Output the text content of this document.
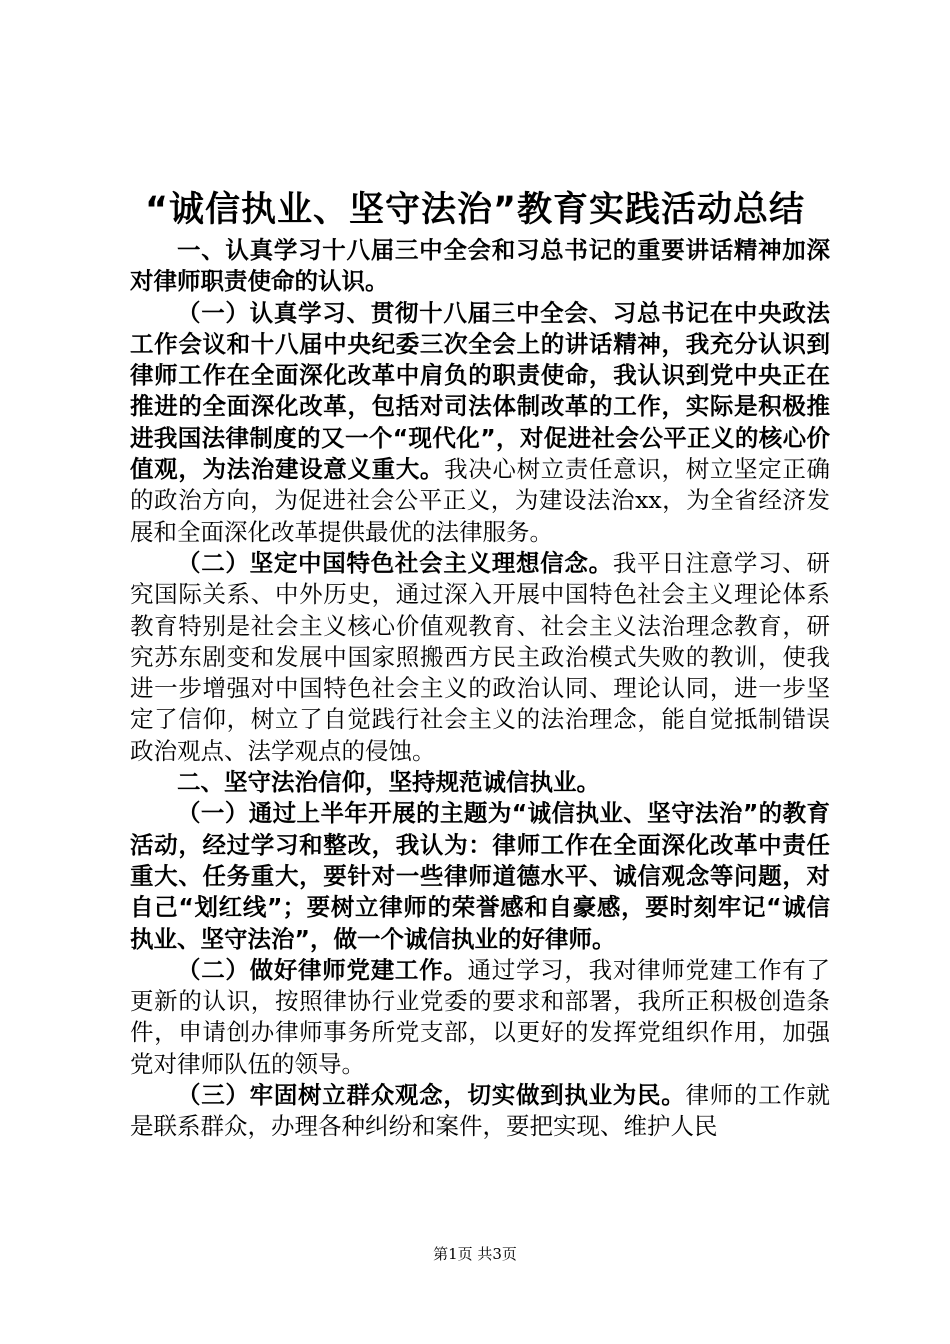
“诚信执业、坚守法治”教育实践活动总结

一、认真学习十八届三中全会和习总书记的重要讲话精神加深对律师职责使命的认识。

（一）认真学习、贯彻十八届三中全会、习总书记在中央政法工作会议和十八届中央纪委三次全会上的讲话精神，我充分认识到律师工作在全面深化改革中肩负的职责使命，我认识到党中央正在推进的全面深化改革，包括对司法体制改革的工作，实际是积极推进我国法律制度的又一个“现代化”，对促进社会公平正义的核心价值观，为法治建设意义重大。我决心树立责任意识，树立坚定正确的政治方向，为促进社会公平正义，为建设法治xx，为全省经济发展和全面深化改革提供最优的法律服务。

（二）坚定中国特色社会主义理想信念。我平日注意学习、研究国际关系、中外历史，通过深入开展中国特色社会主义理论体系教育特别是社会主义核心价值观教育、社会主义法治理念教育，研究苏东剧变和发展中国家照搬西方民主政治模式失败的教训，使我进一步增强对中国特色社会主义的政治认同、理论认同，进一步坚定了信仰，树立了自觉践行社会主义的法治理念，能自觉抵制错误政治观点、法学观点的侵蚀。

二、坚守法治信仰，坚持规范诚信执业。

（一）通过上半年开展的主题为“诚信执业、坚守法治”的教育活动，经过学习和整改，我认为：律师工作在全面深化改革中责任重大、任务重大，要针对一些律师道德水平、诚信观念等问题，对自己“划红线”；要树立律师的荣誉感和自豪感，要时刻牢记“诚信执业、坚守法治”，做一个诚信执业的好律师。

（二）做好律师党建工作。通过学习，我对律师党建工作有了更新的认识，按照律协行业党委的要求和部署，我所正积极创造条件，申请创办律师事务所党支部，以更好的发挥党组织作用，加强党对律师队伍的领导。

（三）牢固树立群众观念，切实做到执业为民。律师的工作就是联系群众，办理各种纠纷和案件，要把实现、维护人民

第1页 共3页
